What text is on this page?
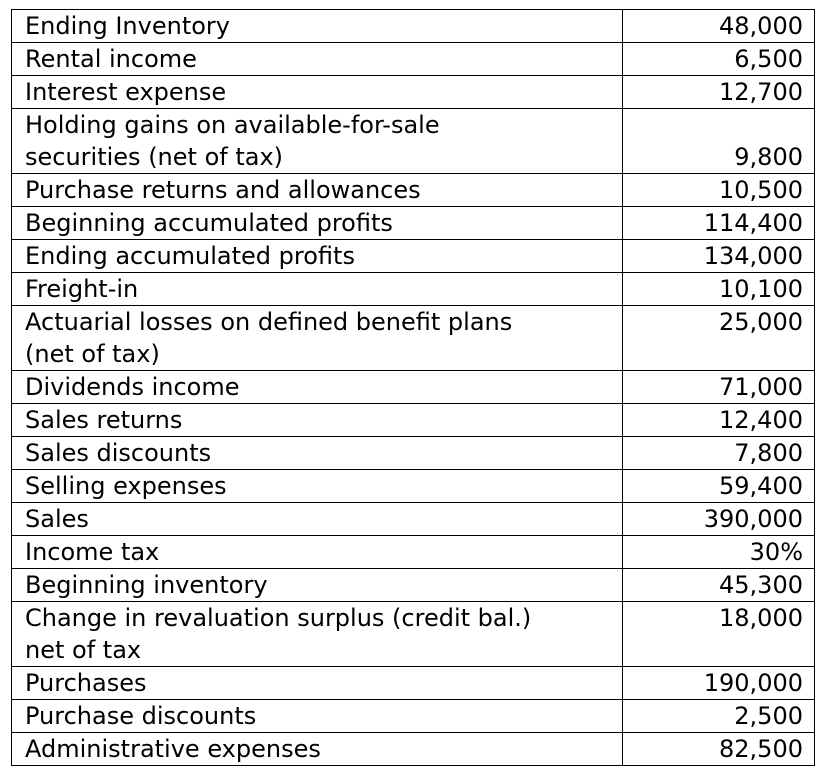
Ending Inventory	48,000

Rental income	6,500

Interest expense	12,700

Holding gains on available-for-sale
securities (net of tax)	9,800

Purchase returns and allowances	10,500

Beginning accumulated profits	114,400

Ending accumulated profits	134,000

Freight-in	10,100

Actuarial losses on defined benefit plans
(net of tax)	25,000

Dividends income	71,000

Sales returns	12,400

Sales discounts	7,800

Selling expenses	59,400

Sales	390,000

Income tax	30%

Beginning inventory	45,300

Change in revaluation surplus (credit bal.)
net of tax	18,000

Purchases	190,000

Purchase discounts	2,500

Administrative expenses	82,500
